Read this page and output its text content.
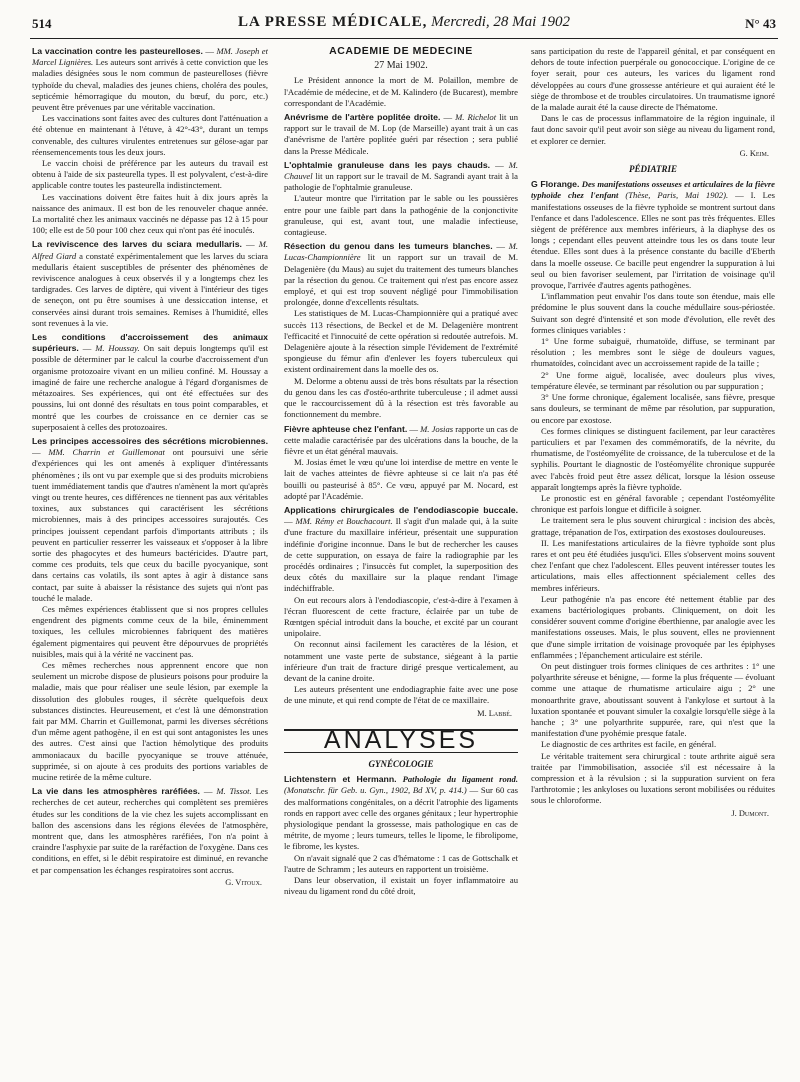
514	LA PRESSE MÉDICALE, Mercredi, 28 Mai 1902	N° 43

La vaccination contre les pasteurelloses. — MM. Joseph et Marcel Lignières. Les auteurs sont arrivés à cette conviction que les maladies désignées sous le nom commun de pasteurelloses (fièvre typhoïde du cheval, maladies des jeunes chiens, choléra des poules, septicémie hémorragique du mouton, du bœuf, du porc, etc.) peuvent être prévenues par une véritable vaccination.

Les vaccinations sont faites avec des cultures dont l'atténuation a été obtenue en maintenant à l'étuve, à 42°-43°, durant un temps convenable, des cultures virulentes entretenues sur gélose-agar par réensemencements tous les deux jours.

Le vaccin choisi de préférence par les auteurs du travail est obtenu à l'aide de six pasteurella types. Il est polyvalent, c'est-à-dire applicable contre toutes les pasteurella indistinctement.

Les vaccinations doivent être faites huit à dix jours après la naissance des animaux. Il est bon de les renouveler chaque année. La mortalité chez les animaux vaccinés ne dépasse pas 12 à 15 pour 100; elle est de 50 pour 100 chez ceux qui n'ont pas été inoculés.

La reviviscence des larves du sciara medullaris. — M. Alfred Giard a constaté expérimentalement que les larves du sciara medullaris étaient susceptibles de présenter des phénomènes de reviviscence analogues à ceux observés il y a longtemps chez les tardigrades. Ces larves de diptère, qui vivent à l'intérieur des tiges de seneçon, ont pu être soumises à une dessiccation intense, et conservées ainsi durant trois semaines. Remises à l'humidité, elles sont revenues à la vie.

Les conditions d'accroissement des animaux supérieurs. — M. Houssay. On sait depuis longtemps qu'il est possible de déterminer par le calcul la courbe d'accroissement d'un organisme protozoaire vivant en un milieu confiné. M. Houssay a imaginé de faire une recherche analogue à l'égard d'organismes de métazoaires. Ses expériences, qui ont été effectuées sur des poussins, lui ont donné des résultats en tous point comparables, et montré que les courbes de croissance en ce dernier cas se superposaient à celles des protozoaires.

Les principes accessoires des sécrétions microbiennes. — MM. Charrin et Guillemonat ont poursuivi une série d'expériences qui les ont amenés à expliquer d'intéressants phénomènes ; ils ont vu par exemple que si des produits microbiens tuent immédiatement tandis que d'autres n'amènent la mort qu'après vingt ou trente heures, ces différences ne tiennent pas aux véritables toxines, aux substances qui caractérisent les sécrétions microbiennes, mais à des principes accessoires surajoutés. Ces principes jouissent cependant parfois d'importants attributs ; ils peuvent en particulier resserrer les vaisseaux et s'opposer à la libre sortie des phagocytes et des humeurs bactéricides. D'autre part, comme ces produits, tels que ceux du bacille pyocyanique, sont dans certains cas volatils, ils sont aptes à agir à distance sans contact, par suite à abaisser la résistance des sujets qui n'ont pas touché le malade.

Ces mêmes expériences établissent que si nos propres cellules engendrent des pigments comme ceux de la bile, éminemment toxiques, les cellules microbiennes fabriquent des matières également pigmentaires qui peuvent être dépourvues de propriétés nuisibles, mais qui à la vérité ne vaccinent pas.

Ces mêmes recherches nous apprennent encore que non seulement un microbe dispose de plusieurs poisons pour produire la maladie, mais que pour réaliser une seule lésion, par exemple la dissolution des globules rouges, il sécrète quelquefois deux substances distinctes. Heureusement, et c'est là une démonstration fait par MM. Charrin et Guillemonat, parmi les diverses sécrétions d'un même agent pathogène, il en est qui sont antagonistes les unes des autres. C'est ainsi que l'action hémolytique des produits ammoniacaux du bacille pyocyanique se trouve atténuée, supprimée, si on ajoute à ces produits des portions variables de mucine retirée de la même culture.

La vie dans les atmosphères raréfiées. — M. Tissot. Les recherches de cet auteur, recherches qui complètent ses premières études sur les conditions de la vie chez les sujets accomplissant en ballon des ascensions dans les régions élevées de l'atmosphère, montrent que, dans les atmosphères raréfiées, l'on n'a point à craindre l'asphyxie par suite de la raréfaction de l'oxygène. Dans ces conditions, en effet, si le débit respiratoire est diminué, en revanche et par compensation les échanges respiratoires sont accrus.

G. Vitoux.
ACADÉMIE DE MÉDECINE
27 Mai 1902.

Le Président annonce la mort de M. Polaillon, membre de l'Académie de médecine, et de M. Kalindero (de Bucarest), membre correspondant de l'Académie.

Anévrisme de l'artère poplitée droite. — M. Richelot lit un rapport sur le travail de M. Lop (de Marseille) ayant trait à un cas d'anévrisme de l'artère poplitée guéri par résection ; sera publié dans la Presse Médicale.

L'ophtalmie granuleuse dans les pays chauds. — M. Chauvel lit un rapport sur le travail de M. Sagrandi ayant trait à la pathologie de l'ophtalmie granuleuse.

L'auteur montre que l'irritation par le sable ou les poussières entre pour une faible part dans la pathogénie de la conjonctivite granuleuse, qui est, avant tout, une maladie infectieuse, contagieuse.

Résection du genou dans les tumeurs blanches. — M. Lucas-Championnière lit un rapport sur un travail de M. Delagenière (du Maus) au sujet du traitement des tumeurs blanches par la résection du genou. Ce traitement qui n'est pas encore assez employé, et qui est trop souvent négligé pour l'immobilisation prolongée, donne d'excellents résultats.

Les statistiques de M. Lucas-Championnière qui a pratiqué avec succès 113 résections, de Beckel et de M. Delagenière montrent l'efficacité et l'innocuité de cette opération si redoutée autrefois. M. Delagenière ajoute à la résection simple l'évidement de l'extrémité spongieuse du fémur afin d'enlever les foyers tuberculeux qui existent ordinairement dans la moelle des os.

M. Delorme a obtenu aussi de très bons résultats par la résection du genou dans les cas d'ostéo-arthrite tuberculeuse ; il admet aussi que le raccourcissement dû à la résection est très favorable au fonctionnement du membre.

Fièvre aphteuse chez l'enfant. — M. Josias rapporte un cas de cette maladie caractérisée par des ulcérations dans la bouche, de la fièvre et un état général mauvais.

M. Josias émet le vœu qu'une loi interdise de mettre en vente le lait de vaches atteintes de fièvre aphteuse si ce lait n'a pas été bouilli ou pasteurisé à 85°. Ce vœu, appuyé par M. Nocard, est adopté par l'Académie.

Applications chirurgicales de l'endodiascopie buccale. — MM. Rémy et Bouchacourt. Il s'agit d'un malade qui, à la suite d'une fracture du maxillaire inférieur, présentait une suppuration indéfinie d'origine inconnue. Dans le but de rechercher les causes de cette suppuration, on essaya de faire la radiographie par les procédés ordinaires ; l'insuccès fut complet, la superposition des deux côtés du maxillaire sur la plaque rendant l'image indéchiffrable.

On eut recours alors à l'endodiascopie, c'est-à-dire à l'examen à l'écran fluorescent de cette fracture, éclairée par un tube de Rœntgen spécial introduit dans la bouche, et excité par un courant unipolaire.

On reconnut ainsi facilement les caractères de la lésion, et notamment une vaste perte de substance, siégeant à la partie inférieure d'un trait de fracture dirigé presque verticalement, au devant de la canine droite.

Les auteurs présentent une endodiagraphie faite avec une pose de une minute, et qui rend compte de l'état de ce maxillaire.

M. Labbé.
ANALYSES
GYNÉCOLOGIE

Lichtenstern et Hermann. Pathologie du ligament rond. (Monatschr. für Geb. u. Gyn., 1902, Bd XV, p. 414.) — Sur 60 cas des malformations congénitales, on a décrit l'atrophie des ligaments ronds en rapport avec celle des organes génitaux ; leur hypertrophie physiologique pendant la grossesse, mais pathologique en cas de métrite, de myome ; leurs tumeurs, telles le lipome, le fibrolipome, le fibrome, les kystes.

On n'avait signalé que 2 cas d'hématome : 1 cas de Gottschalk et l'autre de Schramm ; les auteurs en rapportent un troisième.

Dans leur observation, il existait un foyer inflammatoire au niveau du ligament rond du côté droit,

sans participation du reste de l'appareil génital, et par conséquent en dehors de toute infection puerpérale ou gonococcique. L'origine de ce foyer serait, pour ces auteurs, les varices du ligament rond développées au cours d'une grossesse antérieure et qui auraient été le siège de thrombose et de troubles circulatoires. Un traumatisme ignoré de la malade aurait été la cause directe de l'hématome.

Dans le cas de processus inflammatoire de la région inguinale, il faut donc savoir qu'il peut avoir son siège au niveau du ligament rond, et explorer ce dernier.

G. Keim.
PÉDIATRIE

G Florange. Des manifestations osseuses et articulaires de la fièvre typhoïde chez l'enfant (Thèse, Paris, Mai 1902). — I. Les manifestations osseuses de la fièvre typhoïde se montrent surtout dans l'enfance et dans l'adolescence. Elles ne sont pas très fréquentes. Elles siègent de préférence aux membres inférieurs, à la diaphyse des os longs ; cependant elles peuvent atteindre tous les os dans toute leur étendue. Elles sont dues à la présence constante du bacille d'Eberth dans la moelle osseuse. Ce bacille peut engendrer la suppuration à lui seul ou bien favoriser seulement, par l'irritation de voisinage qu'il provoque, l'arrivée d'autres agents pathogènes.

L'inflammation peut envahir l'os dans toute son étendue, mais elle prédomine le plus souvent dans la couche médullaire sous-périostée. Suivant son degré d'intensité et son mode d'évolution, elle revêt des formes cliniques variables :

1° Une forme subaiguë, rhumatoïde, diffuse, se terminant par résolution ; les membres sont le siège de douleurs vagues, rhumatoïdes, coïncidant avec un accroissement rapide de la taille ;

2° Une forme aiguë, localisée, avec douleurs plus vives, température élevée, se terminant par résolution ou par suppuration ;

3° Une forme chronique, également localisée, sans fièvre, presque sans douleurs, se terminant de même par résolution, par suppuration, ou encore par exostose.

Ces formes cliniques se distinguent facilement, par leur caractères particuliers et par l'examen des commémoratifs, de la névrite, du rhumatisme, de l'ostéomyélite de croissance, de la tuberculose et de la syphilis. Pourtant le diagnostic de l'ostéomyélite chronique suppurée avec l'abcès froid peut être assez délicat, lorsque la lésion osseuse apparaît longtemps après la fièvre typhoïde.

Le pronostic est en général favorable ; cependant l'ostéomyélite chronique est parfois longue et difficile à soigner.

Le traitement sera le plus souvent chirurgical : incision des abcès, grattage, trépanation de l'os, extirpation des exostoses douloureuses.

II. Les manifestations articulaires de la fièvre typhoïde sont plus rares et ont peu été étudiées jusqu'ici. Elles s'observent moins souvent chez l'enfant que chez l'adolescent. Elles peuvent intéresser toutes les articulations, mais elles affectionnent spécialement celles des membres inférieurs.

Leur pathogénie n'a pas encore été nettement établie par des examens bactériologiques probants. Cliniquement, on doit les considérer souvent comme d'origine éberthienne, par analogie avec les manifestations osseuses. Mais, le plus souvent, elles ne proviennent que d'une simple irritation de voisinage provoquée par les épiphyses enflammées ; l'épanchement articulaire est stérile.

On peut distinguer trois formes cliniques de ces arthrites : 1° une polyarthrite séreuse et bénigne, — forme la plus fréquente — évoluant comme une attaque de rhumatisme articulaire aigu ; 2° une monoarthrite grave, aboutissant souvent à l'ankylose et surtout à la luxation spontanée et pouvant simuler la coxalgie lorsqu'elle siège à la hanche ; 3° une polyarthrite suppurée, rare, qui n'est que la manifestation d'une pyohémie presque fatale.

Le diagnostic de ces arthrites est facile, en général.

Le véritable traitement sera chirurgical : toute arthrite aiguë sera traitée par l'immobilisation, associée s'il est nécessaire à la compression et à la révulsion ; si la suppuration survient on fera l'arthrotomie ; les ankyloses ou luxations seront mobilisées ou réduites sous le chloroforme.

J. Dumont.
